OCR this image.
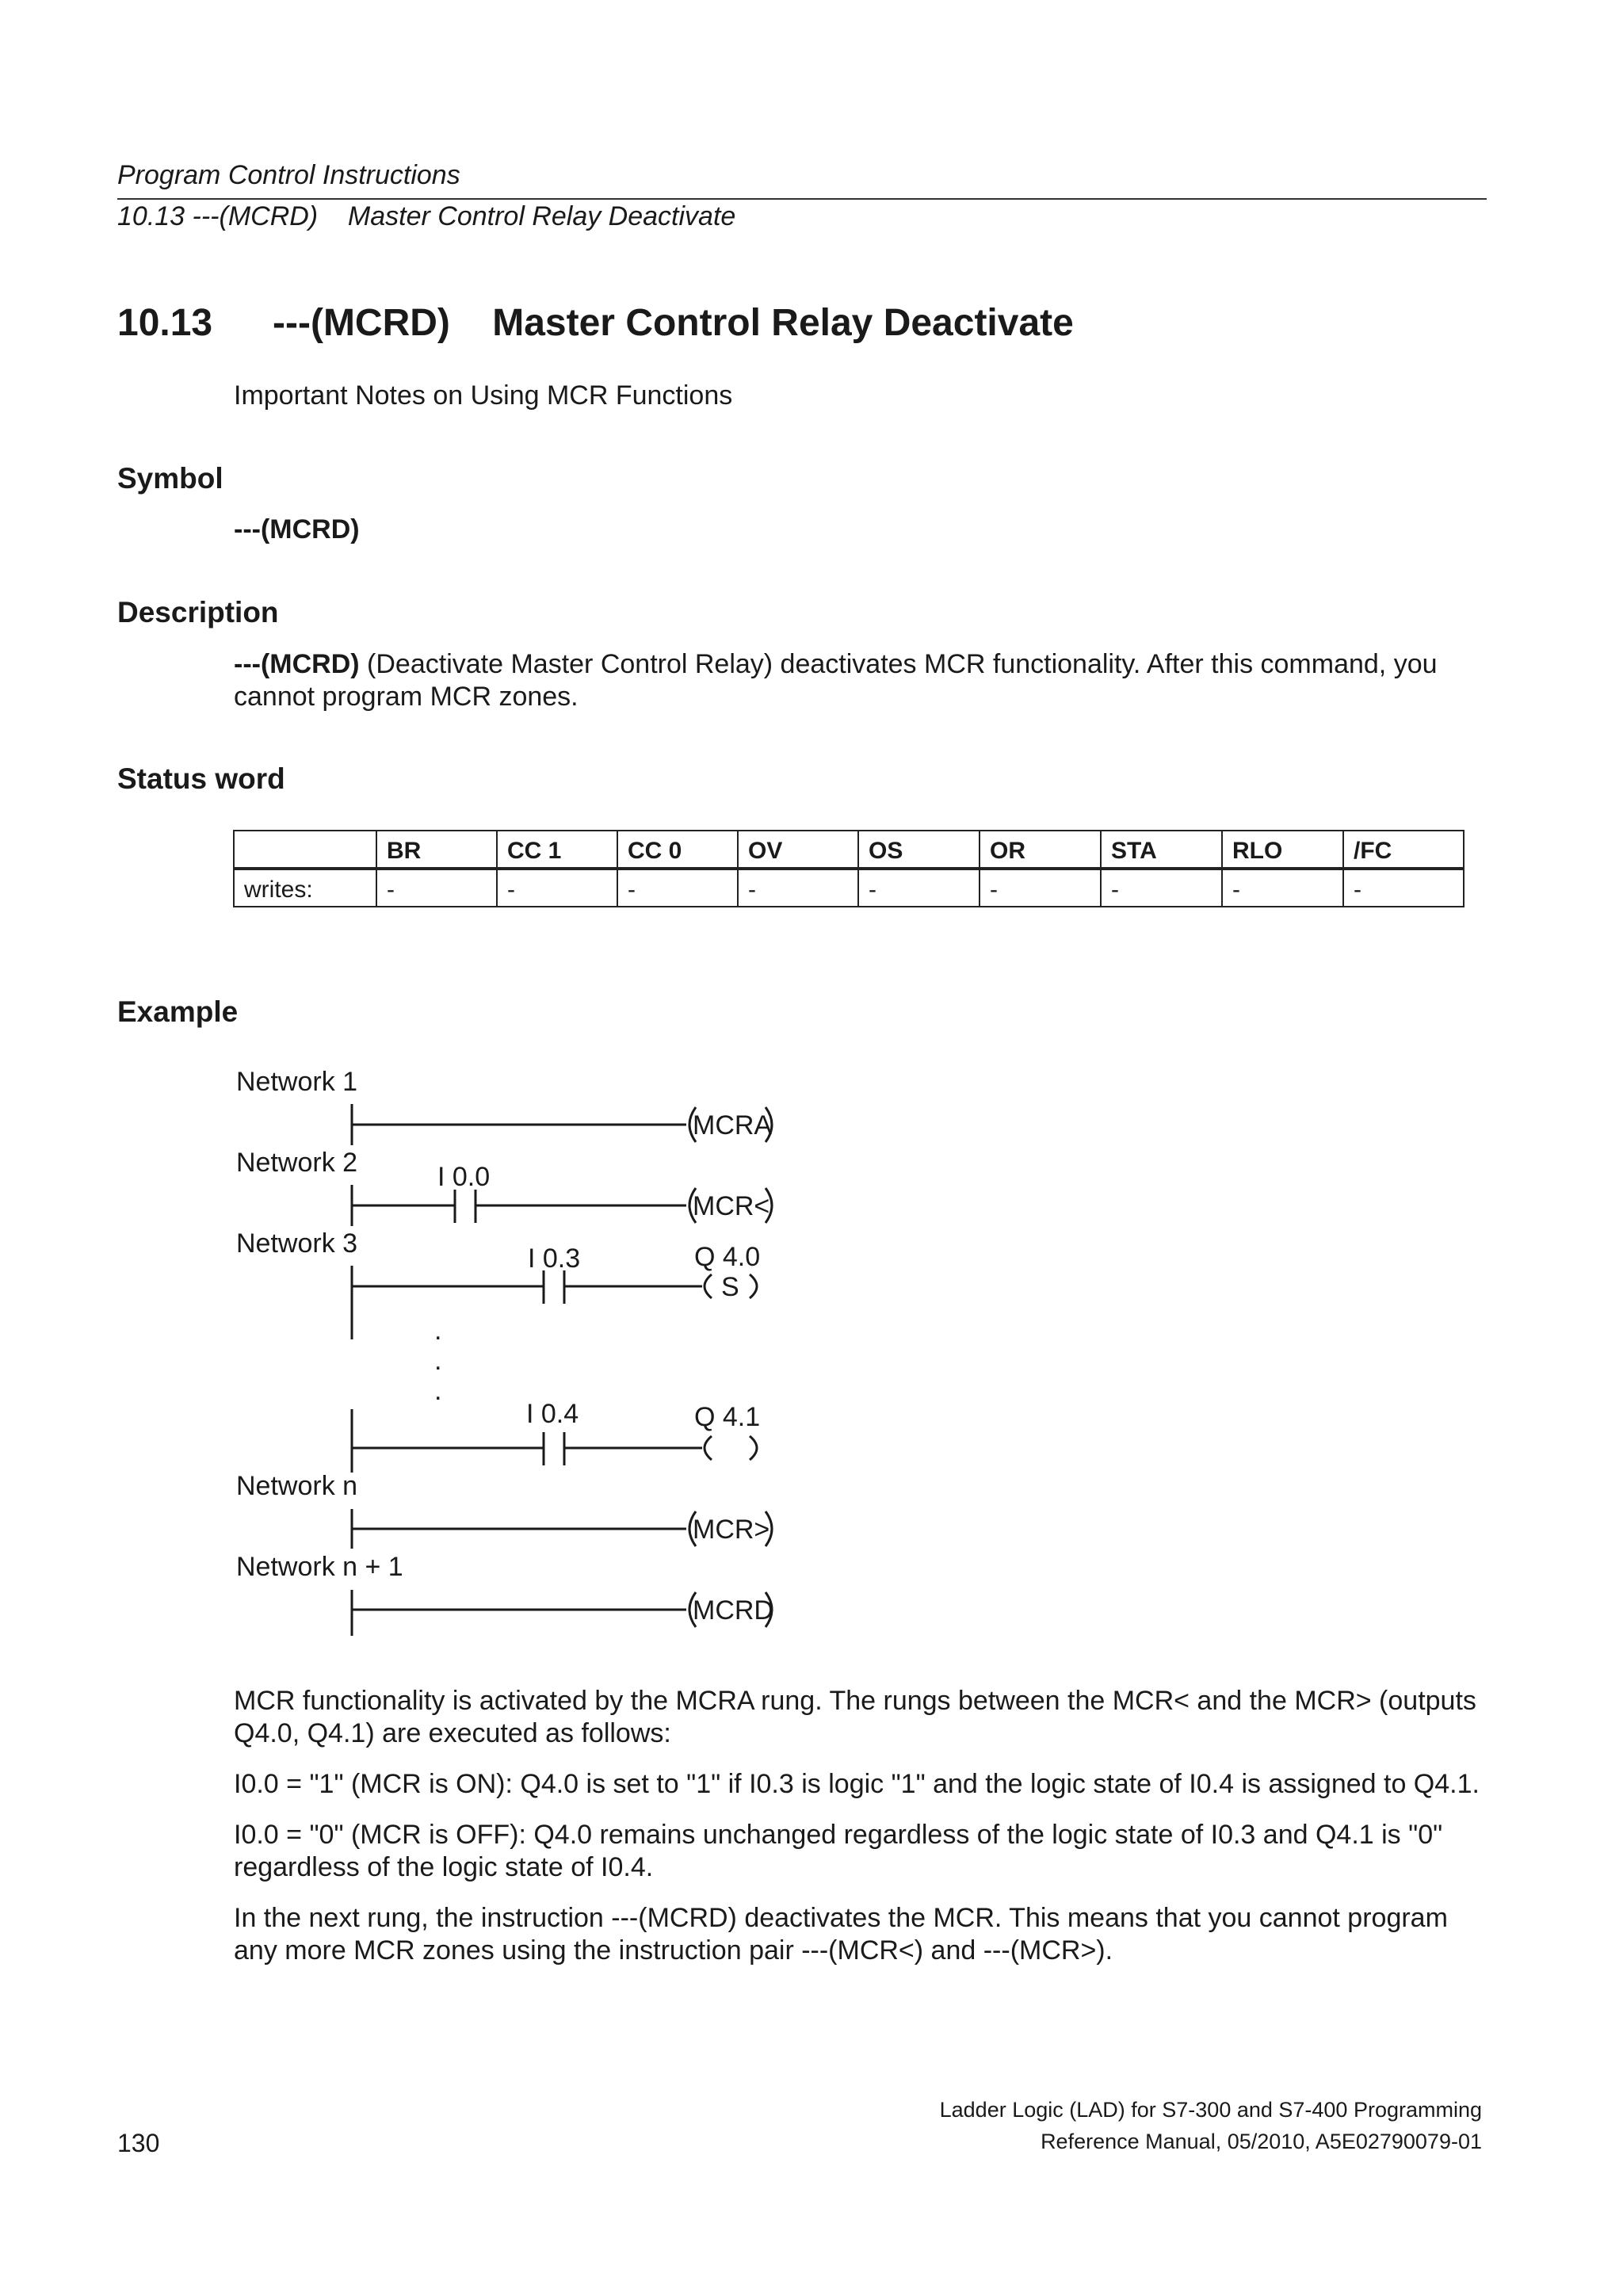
Program Control Instructions
10.13 ---(MCRD)    Master Control Relay Deactivate
10.13 ---(MCRD)    Master Control Relay Deactivate
Important Notes on Using MCR Functions
Symbol
---(MCRD)
Description
---(MCRD) (Deactivate Master Control Relay) deactivates MCR functionality. After this command, you cannot program MCR zones.
Status word
	BR	CC 1	CC 0	OV	OS	OR	STA	RLO	/FC
writes:	-	-	-	-	-	-	-	-	-
Example
Network 1
Network 2
Network 3
Network n
Network n + 1
MCRA
I 0.0
MCR<
I 0.3	Q 4.0
S
.
.
.
I 0.4	Q 4.1
MCR>
MCRD

MCR functionality is activated by the MCRA rung. The rungs between the MCR< and the MCR> (outputs Q4.0, Q4.1) are executed as follows:

I0.0 = "1" (MCR is ON): Q4.0 is set to "1" if I0.3 is logic "1" and the logic state of I0.4 is assigned to Q4.1.

I0.0 = "0" (MCR is OFF): Q4.0 remains unchanged regardless of the logic state of I0.3 and Q4.1 is "0" regardless of the logic state of I0.4.

In the next rung, the instruction ---(MCRD) deactivates the MCR. This means that you cannot program any more MCR zones using the instruction pair ---(MCR<) and ---(MCR>).

130
Ladder Logic (LAD) for S7-300 and S7-400 Programming
Reference Manual, 05/2010, A5E02790079-01
